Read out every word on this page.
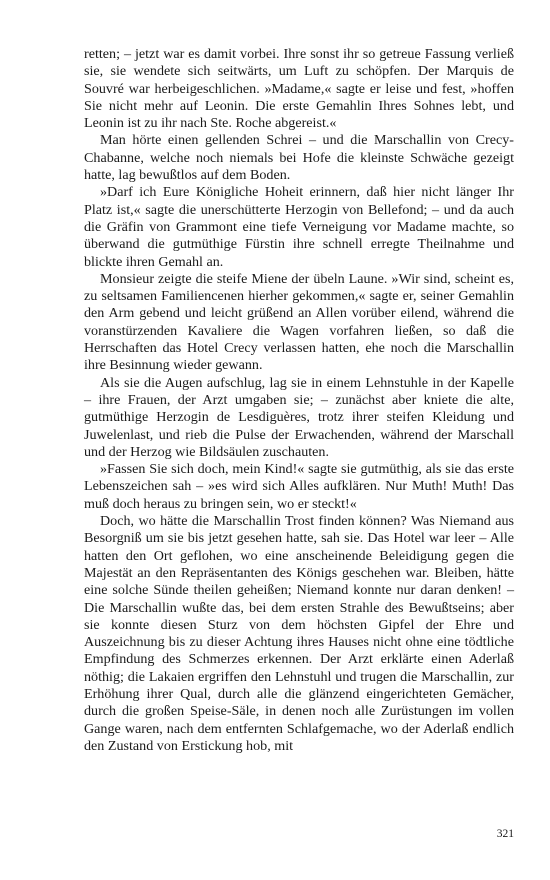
retten; – jetzt war es damit vorbei. Ihre sonst ihr so getreue Fassung verließ sie, sie wendete sich seitwärts, um Luft zu schöpfen. Der Marquis de Souvré war herbeigeschlichen. »Madame,« sagte er leise und fest, »hoffen Sie nicht mehr auf Leonin. Die erste Gemahlin Ihres Sohnes lebt, und Leonin ist zu ihr nach Ste. Roche abgereist.«

Man hörte einen gellenden Schrei – und die Marschallin von Crecy-Chabanne, welche noch niemals bei Hofe die kleinste Schwäche gezeigt hatte, lag bewußtlos auf dem Boden.

»Darf ich Eure Königliche Hoheit erinnern, daß hier nicht länger Ihr Platz ist,« sagte die unerschütterte Herzogin von Bellefond; – und da auch die Gräfin von Grammont eine tiefe Verneigung vor Madame machte, so überwand die gutmüthige Fürstin ihre schnell erregte Theilnahme und blickte ihren Gemahl an.

Monsieur zeigte die steife Miene der übeln Laune. »Wir sind, scheint es, zu seltsamen Familiencenen hierher gekommen,« sagte er, seiner Gemahlin den Arm gebend und leicht grüßend an Allen vorüber eilend, während die voranstürzenden Kavaliere die Wagen vorfahren ließen, so daß die Herrschaften das Hotel Crecy verlassen hatten, ehe noch die Marschallin ihre Besinnung wieder gewann.

Als sie die Augen aufschlug, lag sie in einem Lehnstuhle in der Kapelle – ihre Frauen, der Arzt umgaben sie; – zunächst aber kniete die alte, gutmüthige Herzogin de Lesdiguères, trotz ihrer steifen Kleidung und Juwelenlast, und rieb die Pulse der Erwachenden, während der Marschall und der Herzog wie Bildsäulen zuschauten.

»Fassen Sie sich doch, mein Kind!« sagte sie gutmüthig, als sie das erste Lebenszeichen sah – »es wird sich Alles aufklären. Nur Muth! Muth! Das muß doch heraus zu bringen sein, wo er steckt!«

Doch, wo hätte die Marschallin Trost finden können? Was Niemand aus Besorgniß um sie bis jetzt gesehen hatte, sah sie. Das Hotel war leer – Alle hatten den Ort geflohen, wo eine anscheinende Beleidigung gegen die Majestät an den Repräsentanten des Königs geschehen war. Bleiben, hätte eine solche Sünde theilen geheißen; Niemand konnte nur daran denken! – Die Marschallin wußte das, bei dem ersten Strahle des Bewußtseins; aber sie konnte diesen Sturz von dem höchsten Gipfel der Ehre und Auszeichnung bis zu dieser Achtung ihres Hauses nicht ohne eine tödtliche Empfindung des Schmerzes erkennen. Der Arzt erklärte einen Aderlaß nöthig; die Lakaien ergriffen den Lehnstuhl und trugen die Marschallin, zur Erhöhung ihrer Qual, durch alle die glänzend eingerichteten Gemächer, durch die großen Speise-Säle, in denen noch alle Zurüstungen im vollen Gange waren, nach dem entfernten Schlafgemache, wo der Aderlaß endlich den Zustand von Erstickung hob, mit

321
